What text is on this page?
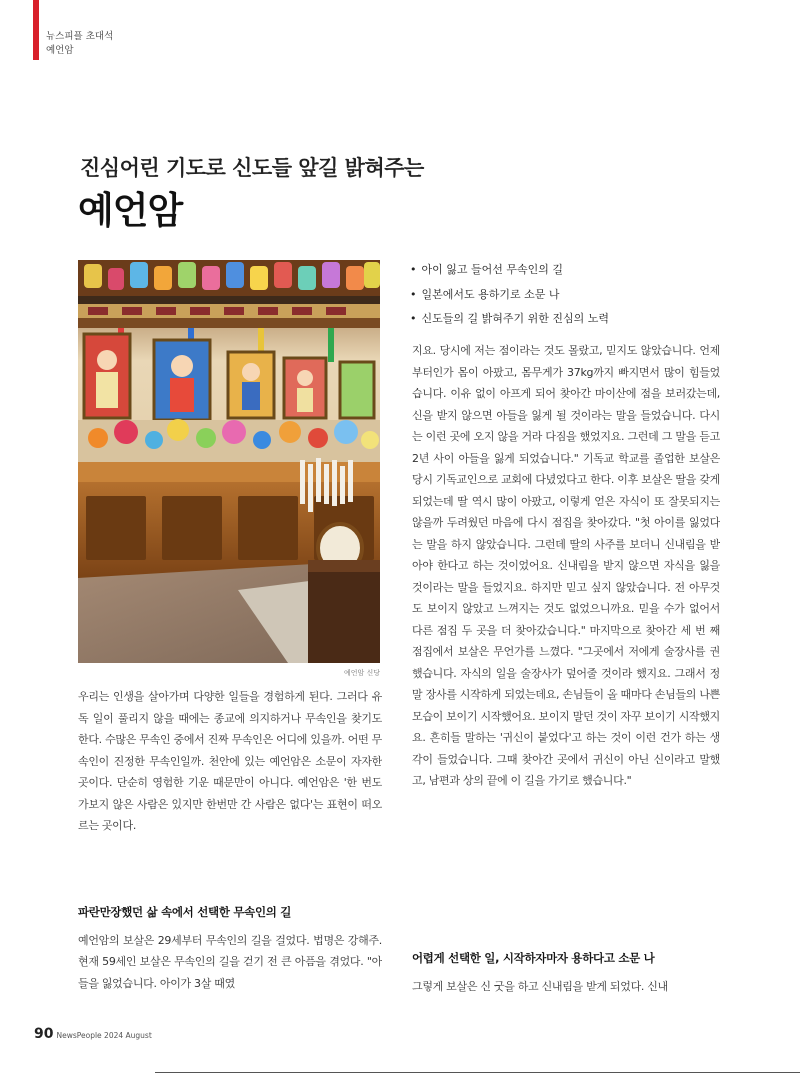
뉴스피플 초대석
예언암
진심어린 기도로 신도들 앞길 밝혀주는
예언암
예언암 신당
• 아이 잃고 들어선 무속인의 길
• 일본에서도 용하기로 소문 나
• 신도들의 길 밝혀주기 위한 진심의 노력

우리는 인생을 살아가며 다양한 일들을 경험하게 된다. 그러다 유독 일이 풀리지 않을 때에는 종교에 의지하거나 무속인을 찾기도 한다. 수많은 무속인 중에서 진짜 무속인은 어디에 있을까. 어떤 무속인이 진정한 무속인일까. 천안에 있는 예언암은 소문이 자자한 곳이다. 단순히 영험한 기운 때문만이 아니다. 예언암은 '한 번도 가보지 않은 사람은 있지만 한번만 간 사람은 없다'는 표현이 떠오르는 곳이다.

파란만장했던 삶 속에서 선택한 무속인의 길

예언암의 보살은 29세부터 무속인의 길을 걸었다. 법명은 강해주. 현재 59세인 보살은 무속인의 길을 걷기 전 큰 아픔을 겪었다. "아들을 잃었습니다. 아이가 3살 때였

지요. 당시에 저는 점이라는 것도 몰랐고, 믿지도 않았습니다. 언제부터인가 몸이 아팠고, 몸무게가 37kg까지 빠지면서 많이 힘들었습니다. 이유 없이 아프게 되어 찾아간 마이산에 점을 보러갔는데, 신을 받지 않으면 아들을 잃게 될 것이라는 말을 들었습니다. 다시는 이런 곳에 오지 않을 거라 다짐을 했었지요. 그런데 그 말을 듣고 2년 사이 아들을 잃게 되었습니다." 기독교 학교를 졸업한 보살은 당시 기독교인으로 교회에 다녔었다고 한다. 이후 보살은 딸을 갖게 되었는데 딸 역시 많이 아팠고, 이렇게 얻은 자식이 또 잘못되지는 않을까 두려웠던 마음에 다시 점집을 찾아갔다. "첫 아이를 잃었다는 말을 하지 않았습니다. 그런데 딸의 사주를 보더니 신내림을 받아야 한다고 하는 것이었어요. 신내림을 받지 않으면 자식을 잃을 것이라는 말을 들었지요. 하지만 믿고 싶지 않았습니다. 전 아무것도 보이지 않았고 느껴지는 것도 없었으니까요. 믿을 수가 없어서 다른 점집 두 곳을 더 찾아갔습니다." 마지막으로 찾아간 세 번 째 점집에서 보살은 무언가를 느꼈다. "그곳에서 저에게 술장사를 권했습니다. 자식의 일을 술장사가 덮어줄 것이라 했지요. 그래서 정말 장사를 시작하게 되었는데요, 손님들이 올 때마다 손님들의 나쁜 모습이 보이기 시작했어요. 보이지 말던 것이 자꾸 보이기 시작했지요. 흔히들 말하는 '귀신이 붙었다'고 하는 것이 이런 건가 하는 생각이 들었습니다. 그때 찾아간 곳에서 귀신이 아닌 신이라고 말했고, 남편과 상의 끝에 이 길을 가기로 했습니다."

어렵게 선택한 일, 시작하자마자 용하다고 소문 나

그렇게 보살은 신 굿을 하고 신내림을 받게 되었다. 신내

90 NewsPeople 2024 August
